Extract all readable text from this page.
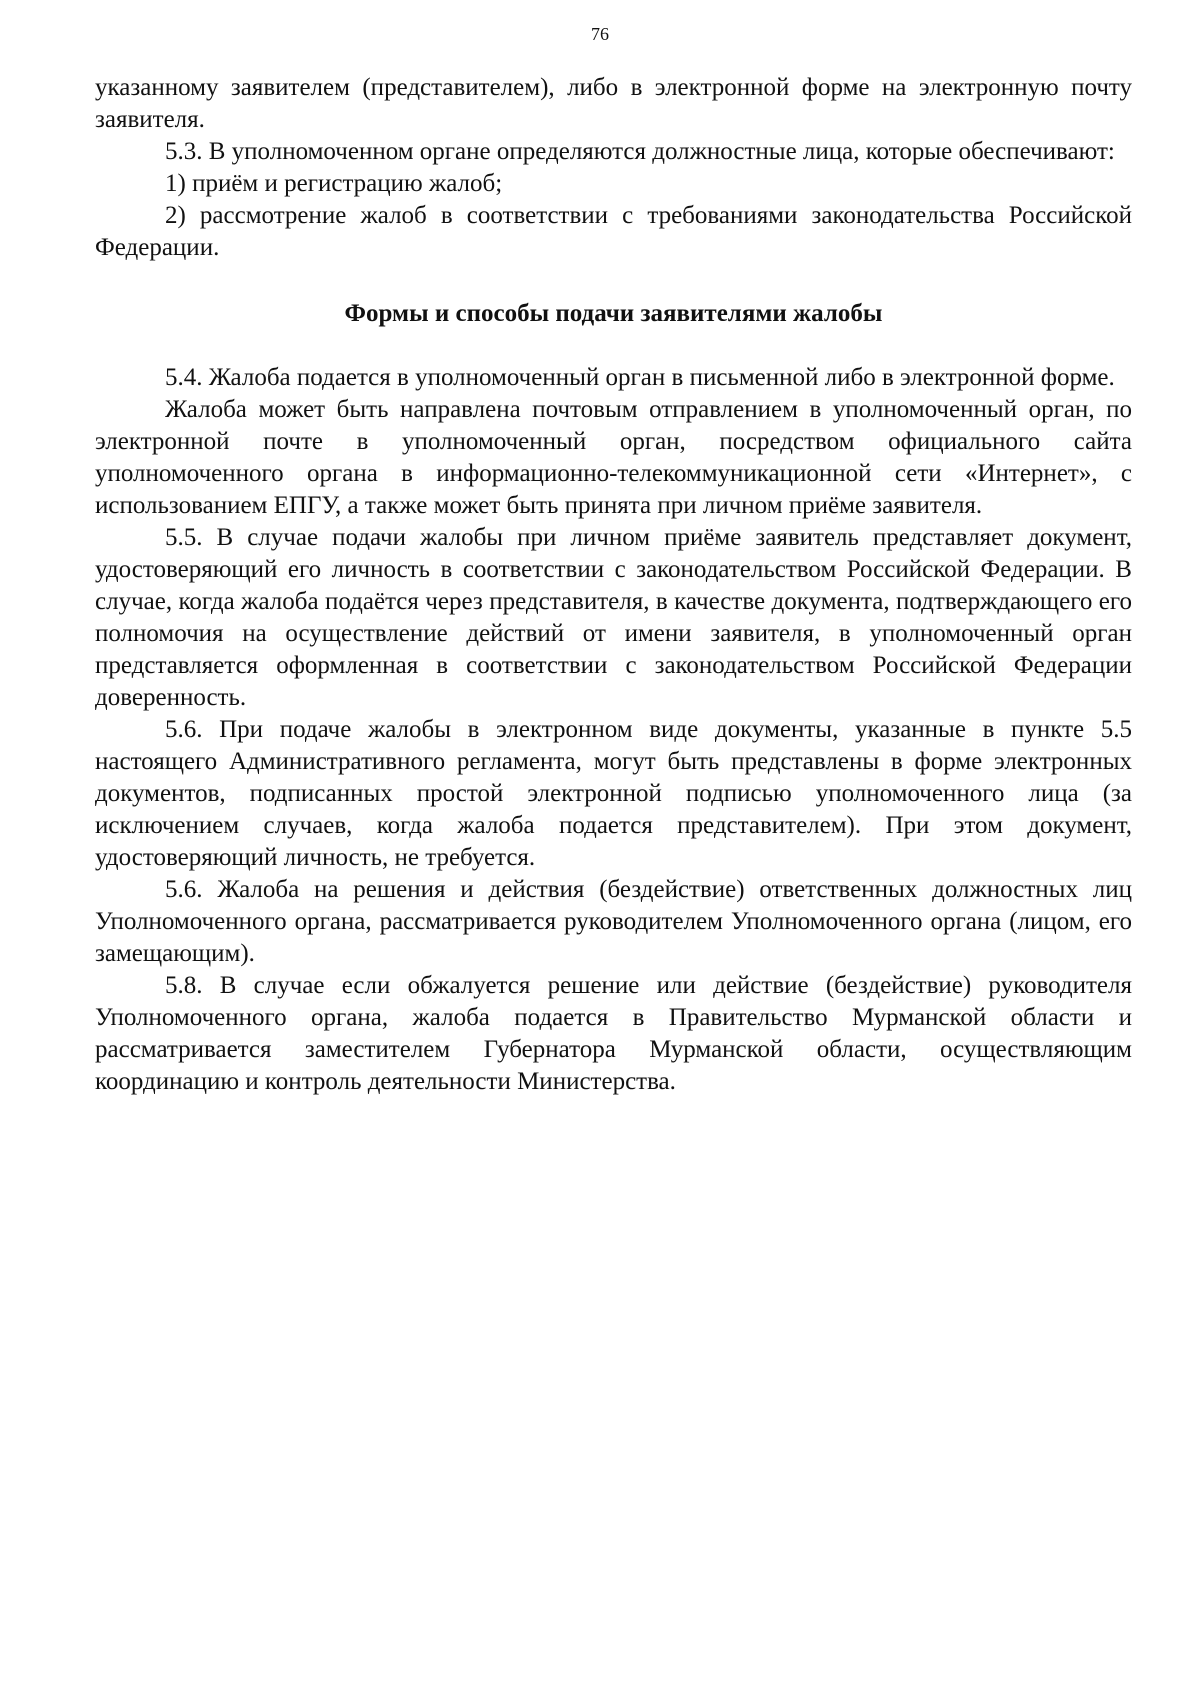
76

указанному заявителем (представителем), либо в электронной форме на электронную почту заявителя.

5.3. В уполномоченном органе определяются должностные лица, которые обеспечивают:

1) приём и регистрацию жалоб;

2) рассмотрение жалоб в соответствии с требованиями законодательства Российской Федерации.

Формы и способы подачи заявителями жалобы

5.4. Жалоба подается в уполномоченный орган в письменной либо в электронной форме.

Жалоба может быть направлена почтовым отправлением в уполномоченный орган, по электронной почте в уполномоченный орган, посредством официального сайта уполномоченного органа в информационно-телекоммуникационной сети «Интернет», с использованием ЕПГУ, а также может быть принята при личном приёме заявителя.

5.5. В случае подачи жалобы при личном приёме заявитель представляет документ, удостоверяющий его личность в соответствии с законодательством Российской Федерации. В случае, когда жалоба подаётся через представителя, в качестве документа, подтверждающего его полномочия на осуществление действий от имени заявителя, в уполномоченный орган представляется оформленная в соответствии с законодательством Российской Федерации доверенность.

5.6. При подаче жалобы в электронном виде документы, указанные в пункте 5.5 настоящего Административного регламента, могут быть представлены в форме электронных документов, подписанных простой электронной подписью уполномоченного лица (за исключением случаев, когда жалоба подается представителем). При этом документ, удостоверяющий личность, не требуется.

5.6. Жалоба на решения и действия (бездействие) ответственных должностных лиц Уполномоченного органа, рассматривается руководителем Уполномоченного органа (лицом, его замещающим).

5.8. В случае если обжалуется решение или действие (бездействие) руководителя Уполномоченного органа, жалоба подается в Правительство Мурманской области и рассматривается заместителем Губернатора Мурманской области, осуществляющим координацию и контроль деятельности Министерства.
